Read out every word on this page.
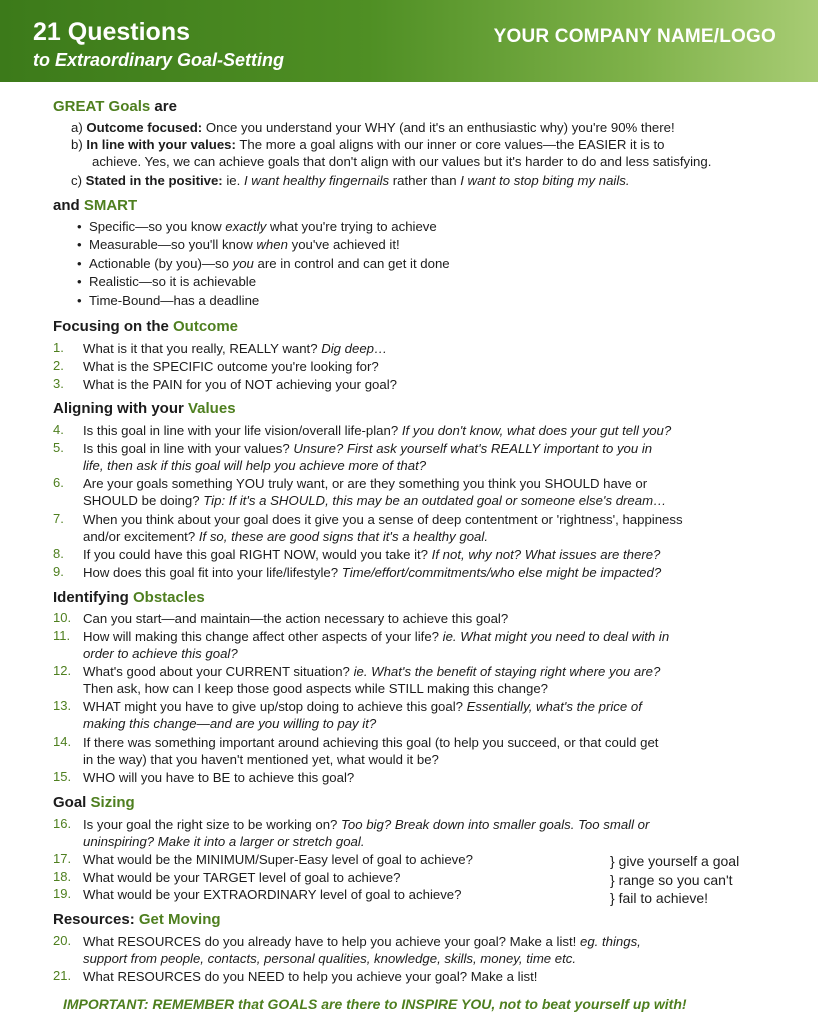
21 Questions
to Extraordinary Goal-Setting
YOUR COMPANY NAME/LOGO
GREAT Goals are
a) Outcome focused: Once you understand your WHY (and it's an enthusiastic why) you're 90% there!
b) In line with your values: The more a goal aligns with our inner or core values—the EASIER it is to
achieve. Yes, we can achieve goals that don't align with our values but it's harder to do and less satisfying.
c) Stated in the positive: ie. I want healthy fingernails rather than I want to stop biting my nails.
and SMART
•  Specific—so you know exactly what you're trying to achieve
•  Measurable—so you'll know when you've achieved it!
•  Actionable (by you)—so you are in control and can get it done
•  Realistic—so it is achievable
•  Time-Bound—has a deadline
Focusing on the Outcome
1. What is it that you really, REALLY want? Dig deep…
2. What is the SPECIFIC outcome you're looking for?
3. What is the PAIN for you of NOT achieving your goal?
Aligning with your Values
4. Is this goal in line with your life vision/overall life-plan? If you don't know, what does your gut tell you?
5. Is this goal in line with your values? Unsure? First ask yourself what's REALLY important to you in
life, then ask if this goal will help you achieve more of that?
6. Are your goals something YOU truly want, or are they something you think you SHOULD have or
SHOULD be doing? Tip: If it's a SHOULD, this may be an outdated goal or someone else's dream…
7. When you think about your goal does it give you a sense of deep contentment or 'rightness', happiness
and/or excitement? If so, these are good signs that it's a healthy goal.
8. If you could have this goal RIGHT NOW, would you take it? If not, why not? What issues are there?
9. How does this goal fit into your life/lifestyle? Time/effort/commitments/who else might be impacted?
Identifying Obstacles
10. Can you start—and maintain—the action necessary to achieve this goal?
11. How will making this change affect other aspects of your life? ie. What might you need to deal with in
order to achieve this goal?
12. What's good about your CURRENT situation? ie. What's the benefit of staying right where you are?
Then ask, how can I keep those good aspects while STILL making this change?
13. WHAT might you have to give up/stop doing to achieve this goal? Essentially, what's the price of
making this change—and are you willing to pay it?
14. If there was something important around achieving this goal (to help you succeed, or that could get
in the way) that you haven't mentioned yet, what would it be?
15. WHO will you have to BE to achieve this goal?
Goal Sizing
16. Is your goal the right size to be working on? Too big? Break down into smaller goals. Too small or
uninspiring? Make it into a larger or stretch goal.
17. What would be the MINIMUM/Super-Easy level of goal to achieve?
18. What would be your TARGET level of goal to achieve?
19. What would be your EXTRAORDINARY level of goal to achieve?
} give yourself a goal
} range so you can't
} fail to achieve!
Resources: Get Moving
20. What RESOURCES do you already have to help you achieve your goal? Make a list! eg. things,
support from people, contacts, personal qualities, knowledge, skills, money, time etc.
21. What RESOURCES do you NEED to help you achieve your goal? Make a list!
IMPORTANT: REMEMBER that GOALS are there to INSPIRE YOU, not to beat yourself up with!
